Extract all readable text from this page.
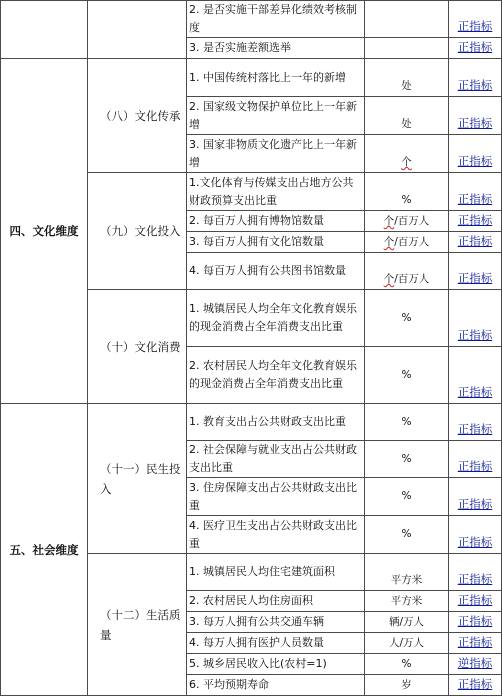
		2. 是否实施干部差异化绩效考核制度		正指标
		3. 是否实施差额选举		正指标
四、文化维度	（八）文化传承	1. 中国传统村落比上一年的新增	处	正指标
		2. 国家级文物保护单位比上一年新增	处	正指标
		3. 国家非物质文化遗产比上一年新增	个	正指标
	（九）文化投入	1.文化体育与传媒支出占地方公共财政预算支出比重	%	正指标
		2. 每百万人拥有博物馆数量	个/百万人	正指标
		3. 每百万人拥有文化馆数量	个/百万人	正指标
		4. 每百万人拥有公共图书馆数量	个/百万人	正指标
	（十）文化消费	1. 城镇居民人均全年文化教育娱乐的现金消费占全年消费支出比重	%	正指标
		2. 农村居民人均全年文化教育娱乐的现金消费占全年消费支出比重	%	正指标
五、社会维度	（十一）民生投入	1. 教育支出占公共财政支出比重	%	正指标
		2. 社会保障与就业支出占公共财政支出比重	%	正指标
		3. 住房保障支出占公共财政支出比重	%	正指标
		4. 医疗卫生支出占公共财政支出比重	%	正指标
	（十二）生活质量	1. 城镇居民人均住宅建筑面积	平方米	正指标
		2. 农村居民人均住房面积	平方米	正指标
		3. 每万人拥有公共交通车辆	辆/万人	正指标
		4. 每万人拥有医护人员数量	人/万人	正指标
		5. 城乡居民收入比(农村=1)	%	逆指标
		6. 平均预期寿命	岁	正指标
